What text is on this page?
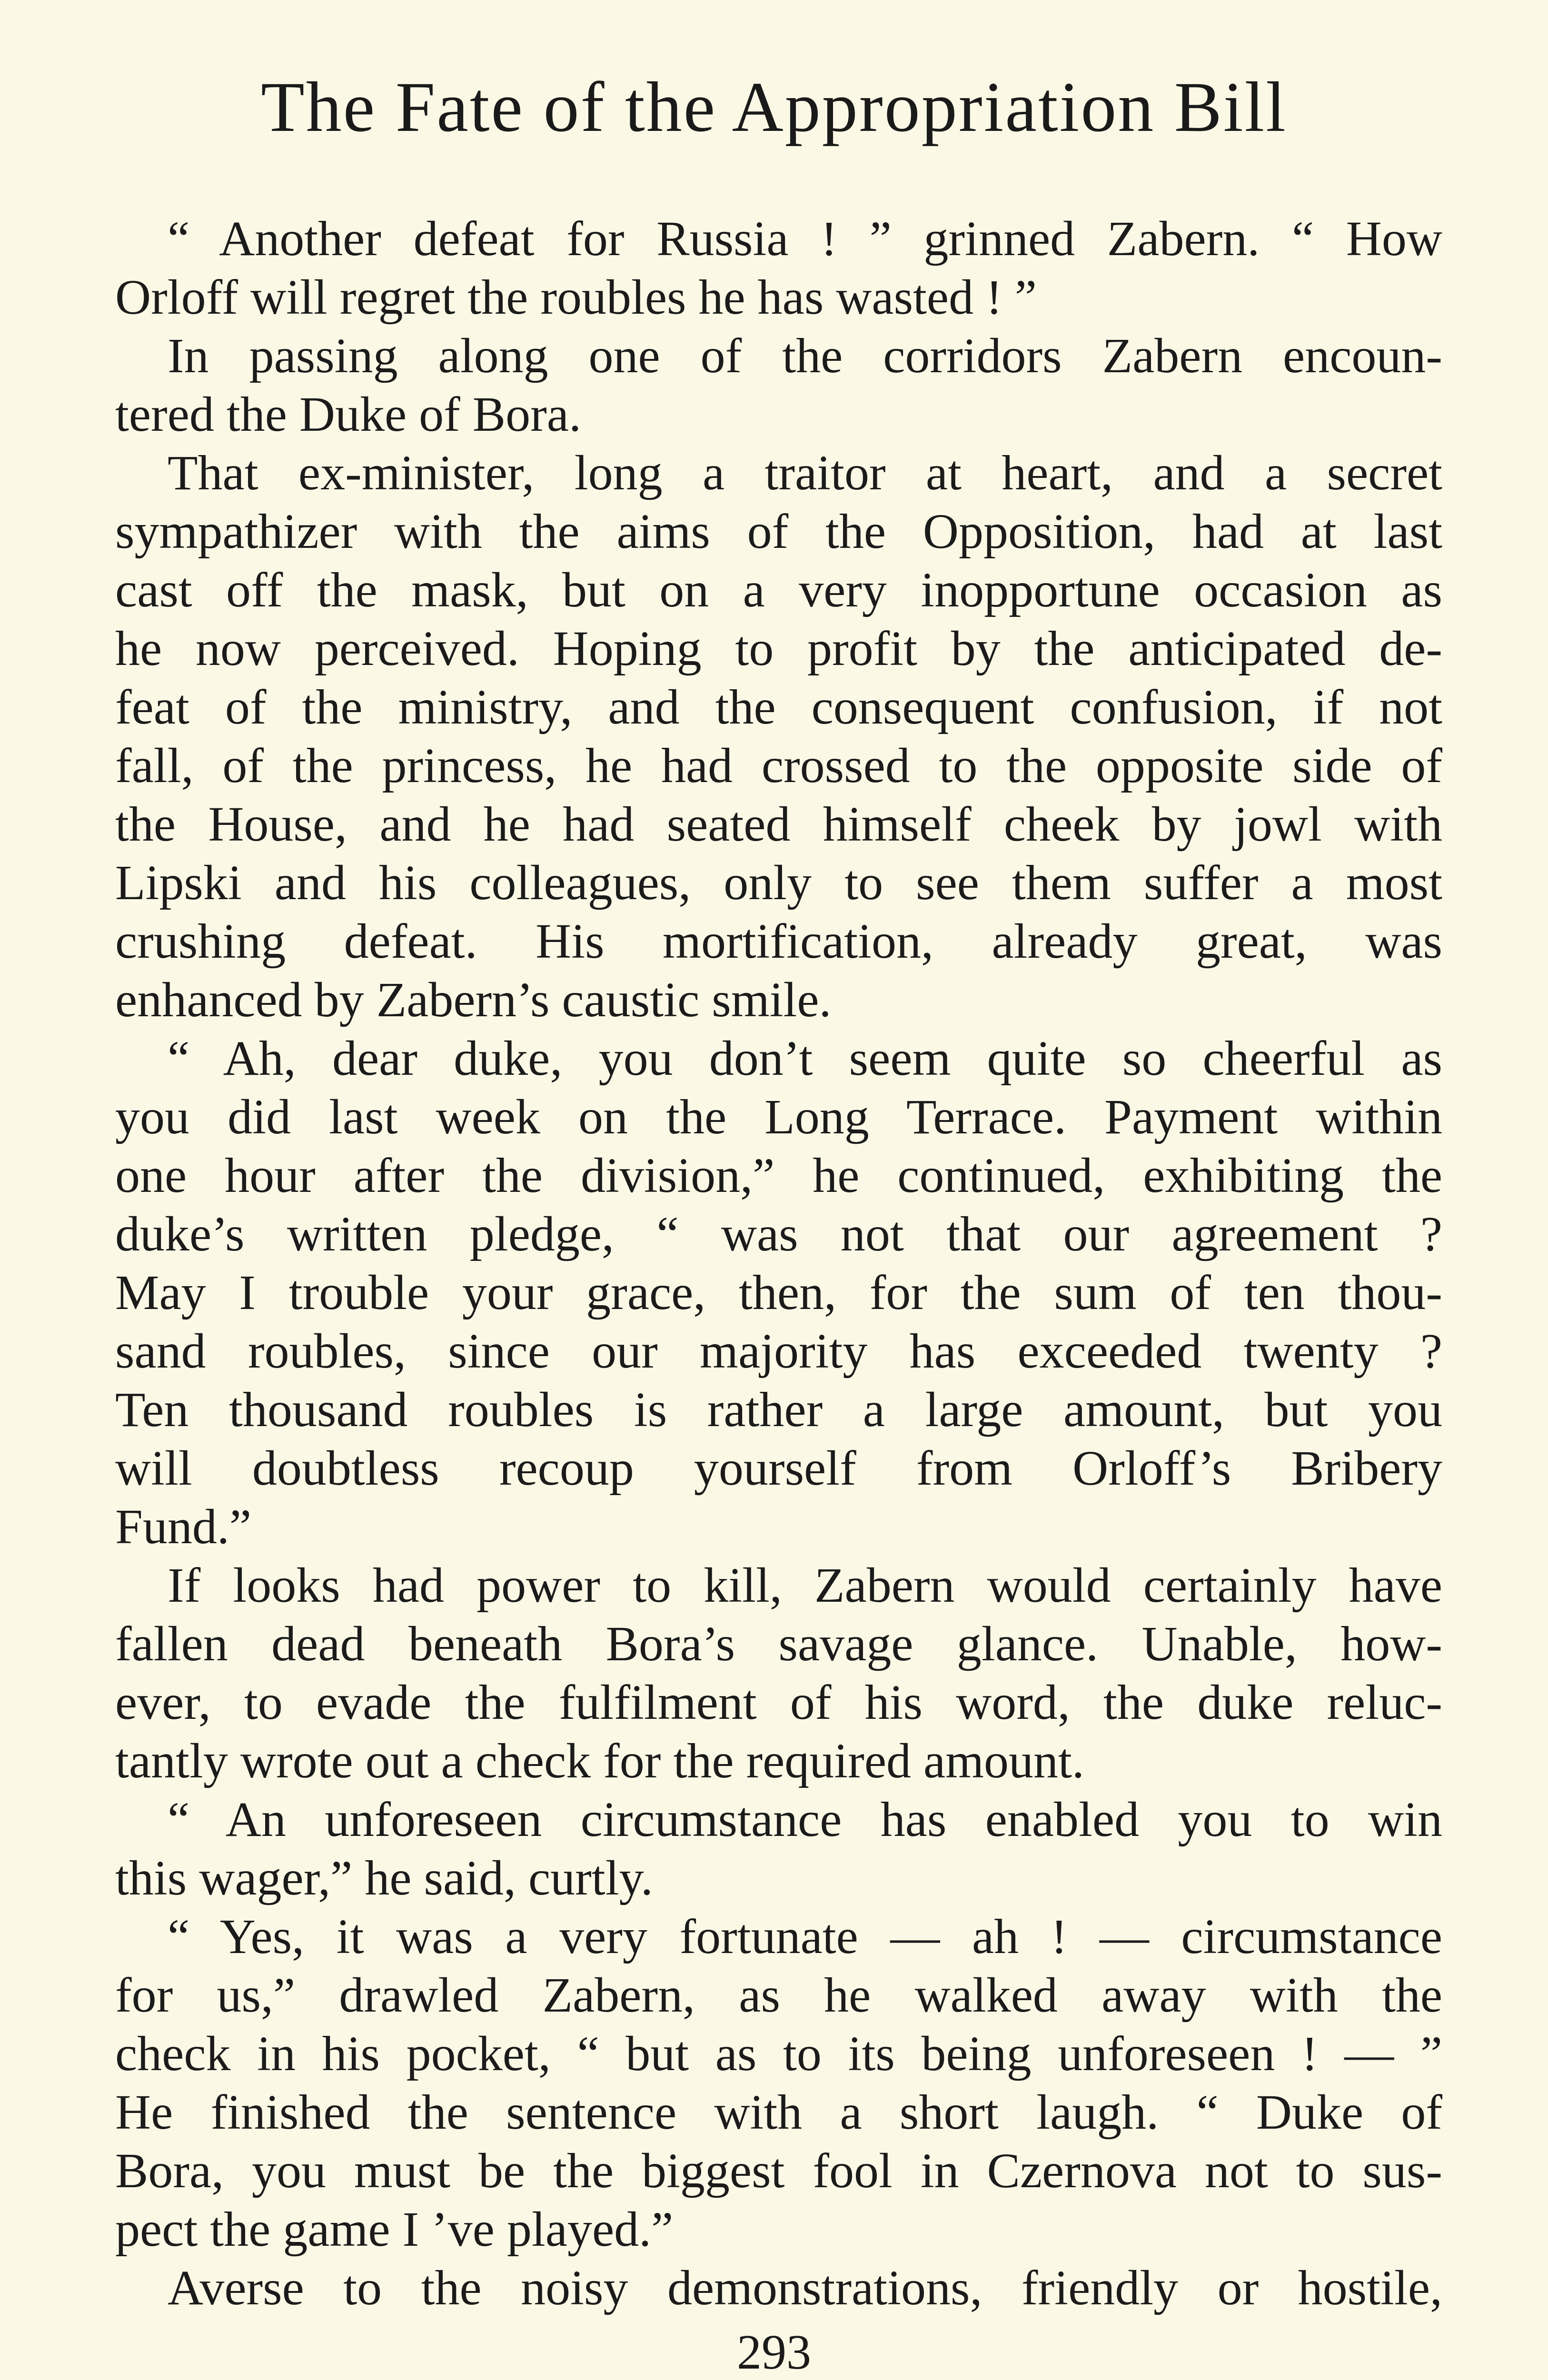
The Fate of the Appropriation Bill
“ Another defeat for Russia ! ” grinned Zabern. “ How
Orloff will regret the roubles he has wasted ! ”
In passing along one of the corridors Zabern encoun-
tered the Duke of Bora.
That ex-minister, long a traitor at heart, and a secret
sympathizer with the aims of the Opposition, had at last
cast off the mask, but on a very inopportune occasion as
he now perceived. Hoping to profit by the anticipated de-
feat of the ministry, and the consequent confusion, if not
fall, of the princess, he had crossed to the opposite side of
the House, and he had seated himself cheek by jowl with
Lipski and his colleagues, only to see them suffer a most
crushing defeat. His mortification, already great, was
enhanced by Zabern’s caustic smile.
“ Ah, dear duke, you don’t seem quite so cheerful as
you did last week on the Long Terrace. Payment within
one hour after the division,” he continued, exhibiting the
duke’s written pledge, “ was not that our agreement ?
May I trouble your grace, then, for the sum of ten thou-
sand roubles, since our majority has exceeded twenty ?
Ten thousand roubles is rather a large amount, but you
will doubtless recoup yourself from Orloff’s Bribery
Fund.”
If looks had power to kill, Zabern would certainly have
fallen dead beneath Bora’s savage glance. Unable, how-
ever, to evade the fulfilment of his word, the duke reluc-
tantly wrote out a check for the required amount.
“ An unforeseen circumstance has enabled you to win
this wager,” he said, curtly.
“ Yes, it was a very fortunate — ah ! — circumstance
for us,” drawled Zabern, as he walked away with the
check in his pocket, “ but as to its being unforeseen ! — ”
He finished the sentence with a short laugh. “ Duke of
Bora, you must be the biggest fool in Czernova not to sus-
pect the game I ’ve played.”
Averse to the noisy demonstrations, friendly or hostile,
293
